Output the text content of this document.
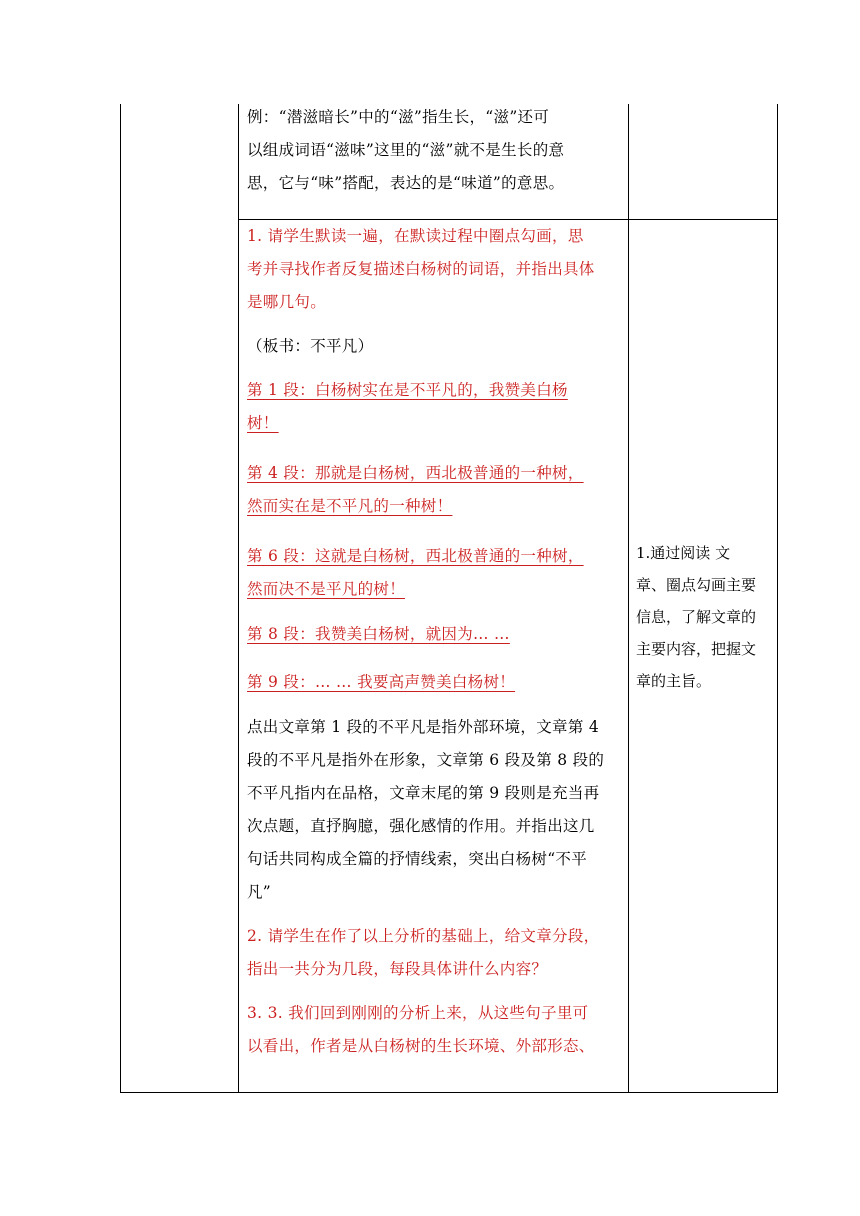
例：“潜滋暗长”中的“滋”指生长，“滋”还可
以组成词语“滋味”这里的“滋”就不是生长的意
思，它与“味”搭配，表达的是“味道”的意思。
1. 请学生默读一遍，在默读过程中圈点勾画，思
考并寻找作者反复描述白杨树的词语，并指出具体
是哪几句。
（板书：不平凡）
第 1 段：白杨树实在是不平凡的，我赞美白杨
树！
第 4 段：那就是白杨树，西北极普通的一种树，
然而实在是不平凡的一种树！
第 6 段：这就是白杨树，西北极普通的一种树，
然而决不是平凡的树！
第 8 段：我赞美白杨树，就因为… …
第 9 段：… … 我要高声赞美白杨树！
点出文章第 1 段的不平凡是指外部环境，文章第 4
段的不平凡是指外在形象，文章第 6 段及第 8 段的
不平凡指内在品格，文章末尾的第 9 段则是充当再
次点题，直抒胸臆，强化感情的作用。并指出这几
句话共同构成全篇的抒情线索，突出白杨树“不平
凡”
2. 请学生在作了以上分析的基础上，给文章分段，
指出一共分为几段，每段具体讲什么内容？
3. 3. 我们回到刚刚的分析上来，从这些句子里可
以看出，作者是从白杨树的生长环境、外部形态、
1.通过阅读 文
章、圈点勾画主要
信息，了解文章的
主要内容，把握文
章的主旨。
